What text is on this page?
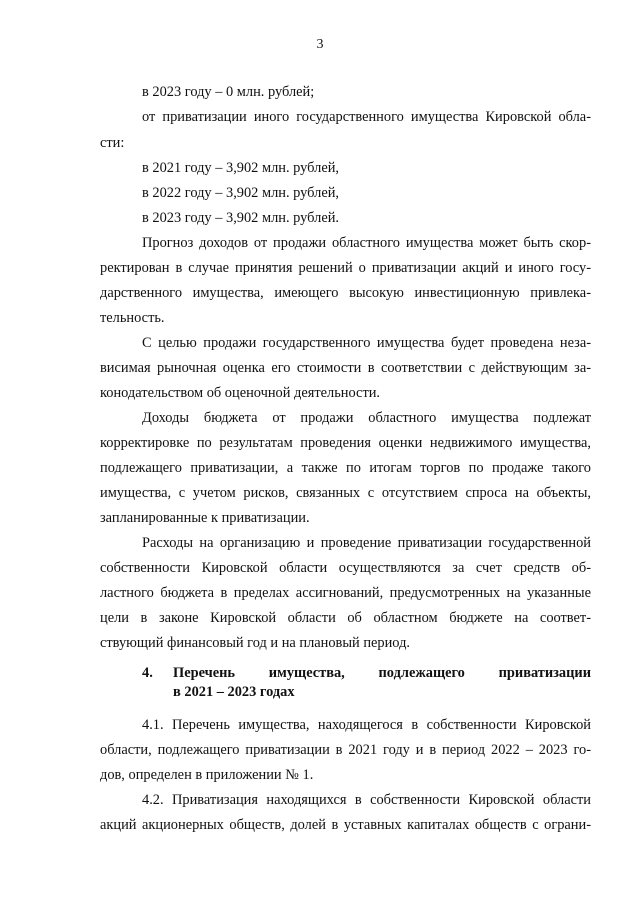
3
в 2023 году – 0 млн. рублей;
от приватизации иного государственного имущества Кировской обла-
сти:
в 2021 году – 3,902 млн. рублей,
в 2022 году – 3,902 млн. рублей,
в 2023 году – 3,902 млн. рублей.
Прогноз доходов от продажи областного имущества может быть скор-
ректирован в случае принятия решений о приватизации акций и иного госу-
дарственного имущества, имеющего высокую инвестиционную привлека-
тельность.
С целью продажи государственного имущества будет проведена неза-
висимая рыночная оценка его стоимости в соответствии с действующим за-
конодательством об оценочной деятельности.
Доходы бюджета от продажи областного имущества подлежат
корректировке по результатам проведения оценки недвижимого имущества,
подлежащего приватизации, а также по итогам торгов по продаже такого
имущества, с учетом рисков, связанных с отсутствием спроса на объекты,
запланированные к приватизации.
Расходы на организацию и проведение приватизации государственной
собственности Кировской области осуществляются за счет средств об-
ластного бюджета в пределах ассигнований, предусмотренных на указанные
цели в законе Кировской области об областном бюджете на соответ-
ствующий финансовый год и на плановый период.
Перечень имущества, подлежащего приватизации
в 2021 – 2023 годах
4.1. Перечень имущества, находящегося в собственности Кировской
области, подлежащего приватизации в 2021 году и в период 2022 – 2023 го-
дов, определен в приложении № 1.
4.2. Приватизация находящихся в собственности Кировской области
акций акционерных обществ, долей в уставных капиталах обществ с ограни-
4.
